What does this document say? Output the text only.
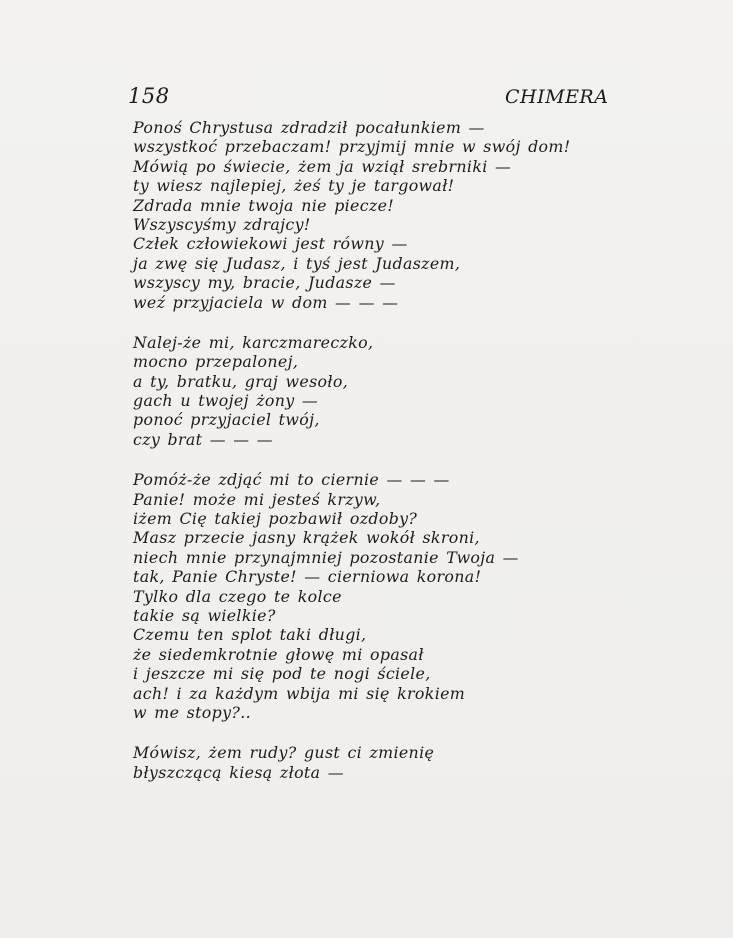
158	CHIMERA
Ponoś Chrystusa zdradził pocałunkiem —
wszystkoć przebaczam! przyjmij mnie w swój dom!
Mówią po świecie, żem ja wziął srebrniki —
ty wiesz najlepiej, żeś ty je targował!
Zdrada mnie twoja nie piecze!
Wszyscyśmy zdrajcy!
Człek człowiekowi jest równy —
ja zwę się Judasz, i tyś jest Judaszem,
wszyscy my, bracie, Judasze —
weź przyjaciela w dom — — —
Nalej-że mi, karczmareczko,
mocno przepalonej,
a ty, bratku, graj wesoło,
gach u twojej żony —
ponoć przyjaciel twój,
czy brat — — —
Pomóż-że zdjąć mi to ciernie — — —
Panie! może mi jesteś krzyw,
iżem Cię takiej pozbawił ozdoby?
Masz przecie jasny krążek wokół skroni,
niech mnie przynajmniej pozostanie Twoja —
tak, Panie Chryste! — cierniowa korona!
Tylko dla czego te kolce
takie są wielkie?
Czemu ten splot taki długi,
że siedemkrotnie głowę mi opasał
i jeszcze mi się pod te nogi ściele,
ach! i za każdym wbija mi się krokiem
w me stopy?..
Mówisz, żem rudy? gust ci zmienię
błyszczącą kiesą złota —
